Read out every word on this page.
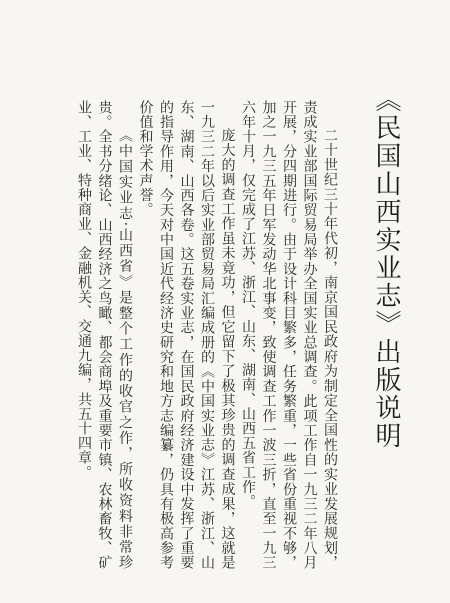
《民国山西实业志》出版说明

二十世纪三十年代初，南京国民政府为制定全国性的实业发展规划，责成实业部国际贸易局举办全国实业总调查。此项工作自一九三二年八月开展，分四期进行。由于设计科目繁多，任务繁重，一些省份重视不够，加之一九三五年日军发动华北事变，致使调查工作一波三折，直至一九三六年十月，仅完成了江苏、浙江、山东、湖南、山西五省工作。

庞大的调查工作虽未竟功，但它留下了极其珍贵的调查成果，这就是一九三二年以后实业部贸易局汇编成册的《中国实业志》江苏、浙江、山东、湖南、山西各卷。这五卷实业志，在国民政府经济建设中发挥了重要的指导作用，今天对中国近代经济史研究和地方志编纂，仍具有极高参考价值和学术声誉。

《中国实业志·山西省》是整个工作的收官之作，所收资料非常珍贵。全书分绪论、山西经济之鸟瞰、都会商埠及重要市镇、农林畜牧、矿业、工业、特种商业、金融机关、交通九编，共五十四章。
